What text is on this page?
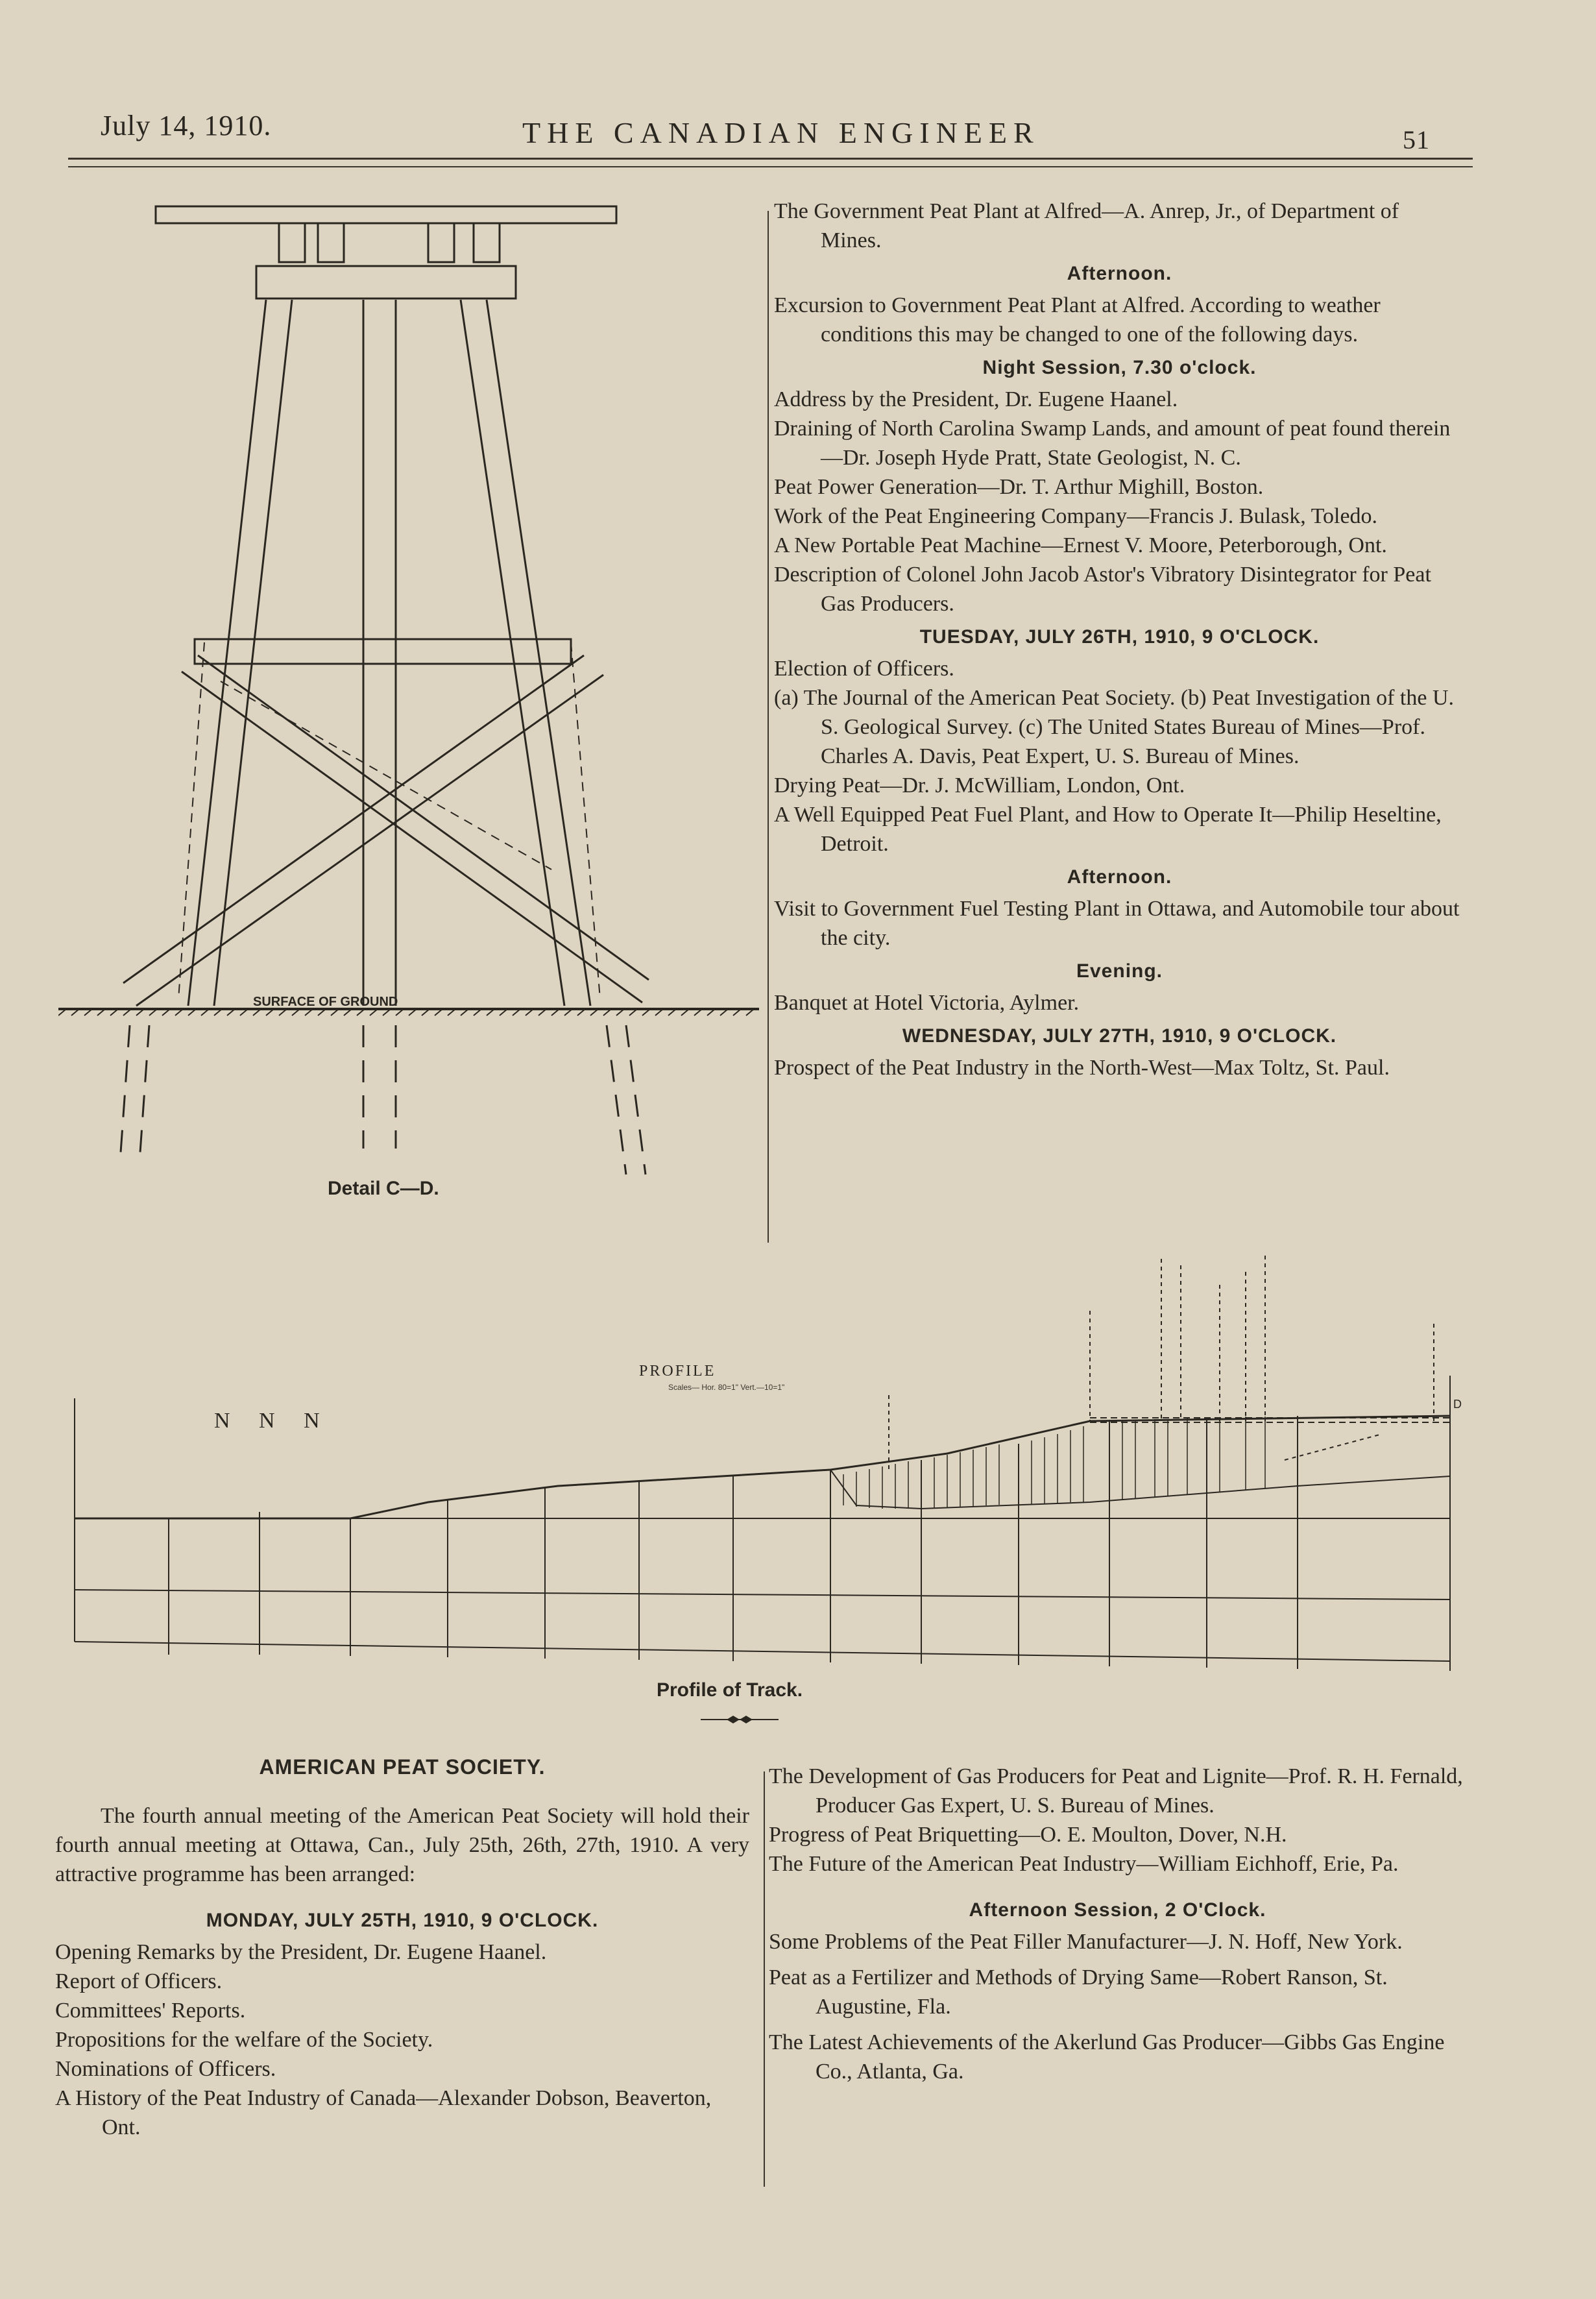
July 14, 1910.	THE CANADIAN ENGINEER	51
SURFACE OF GROUND
Detail C—D.

The Government Peat Plant at Alfred—A. Anrep, Jr., of Department of Mines.

Afternoon.

Excursion to Government Peat Plant at Alfred. According to weather conditions this may be changed to one of the following days.

Night Session, 7.30 o'clock.

Address by the President, Dr. Eugene Haanel.

Draining of North Carolina Swamp Lands, and amount of peat found therein—Dr. Joseph Hyde Pratt, State Geologist, N. C.

Peat Power Generation—Dr. T. Arthur Mighill, Boston.

Work of the Peat Engineering Company—Francis J. Bulask, Toledo.

A New Portable Peat Machine—Ernest V. Moore, Peterborough, Ont.

Description of Colonel John Jacob Astor's Vibratory Disintegrator for Peat Gas Producers.

TUESDAY, JULY 26TH, 1910, 9 O'CLOCK.

Election of Officers.

(a) The Journal of the American Peat Society. (b) Peat Investigation of the U. S. Geological Survey. (c) The United States Bureau of Mines—Prof. Charles A. Davis, Peat Expert, U. S. Bureau of Mines.

Drying Peat—Dr. J. McWilliam, London, Ont.

A Well Equipped Peat Fuel Plant, and How to Operate It—Philip Heseltine, Detroit.

Afternoon.

Visit to Government Fuel Testing Plant in Ottawa, and Automobile tour about the city.

Evening.

Banquet at Hotel Victoria, Aylmer.

WEDNESDAY, JULY 27TH, 1910, 9 O'CLOCK.

Prospect of the Peat Industry in the North-West—Max Toltz, St. Paul.

N N N
PROFILE
Scales— Hor. 80=1" Vert.—10=1"
D
Profile of Track.
AMERICAN PEAT SOCIETY.

The fourth annual meeting of the American Peat Society will hold their fourth annual meeting at Ottawa, Can., July 25th, 26th, 27th, 1910. A very attractive programme has been arranged:

MONDAY, JULY 25TH, 1910, 9 O'CLOCK.

Opening Remarks by the President, Dr. Eugene Haanel.

Report of Officers.

Committees' Reports.

Propositions for the welfare of the Society.

Nominations of Officers.

A History of the Peat Industry of Canada—Alexander Dobson, Beaverton, Ont.

The Development of Gas Producers for Peat and Lignite—Prof. R. H. Fernald, Producer Gas Expert, U. S. Bureau of Mines.

Progress of Peat Briquetting—O. E. Moulton, Dover, N.H.

The Future of the American Peat Industry—William Eichhoff, Erie, Pa.

Afternoon Session, 2 O'Clock.

Some Problems of the Peat Filler Manufacturer—J. N. Hoff, New York.

Peat as a Fertilizer and Methods of Drying Same—Robert Ranson, St. Augustine, Fla.

The Latest Achievements of the Akerlund Gas Producer—Gibbs Gas Engine Co., Atlanta, Ga.
